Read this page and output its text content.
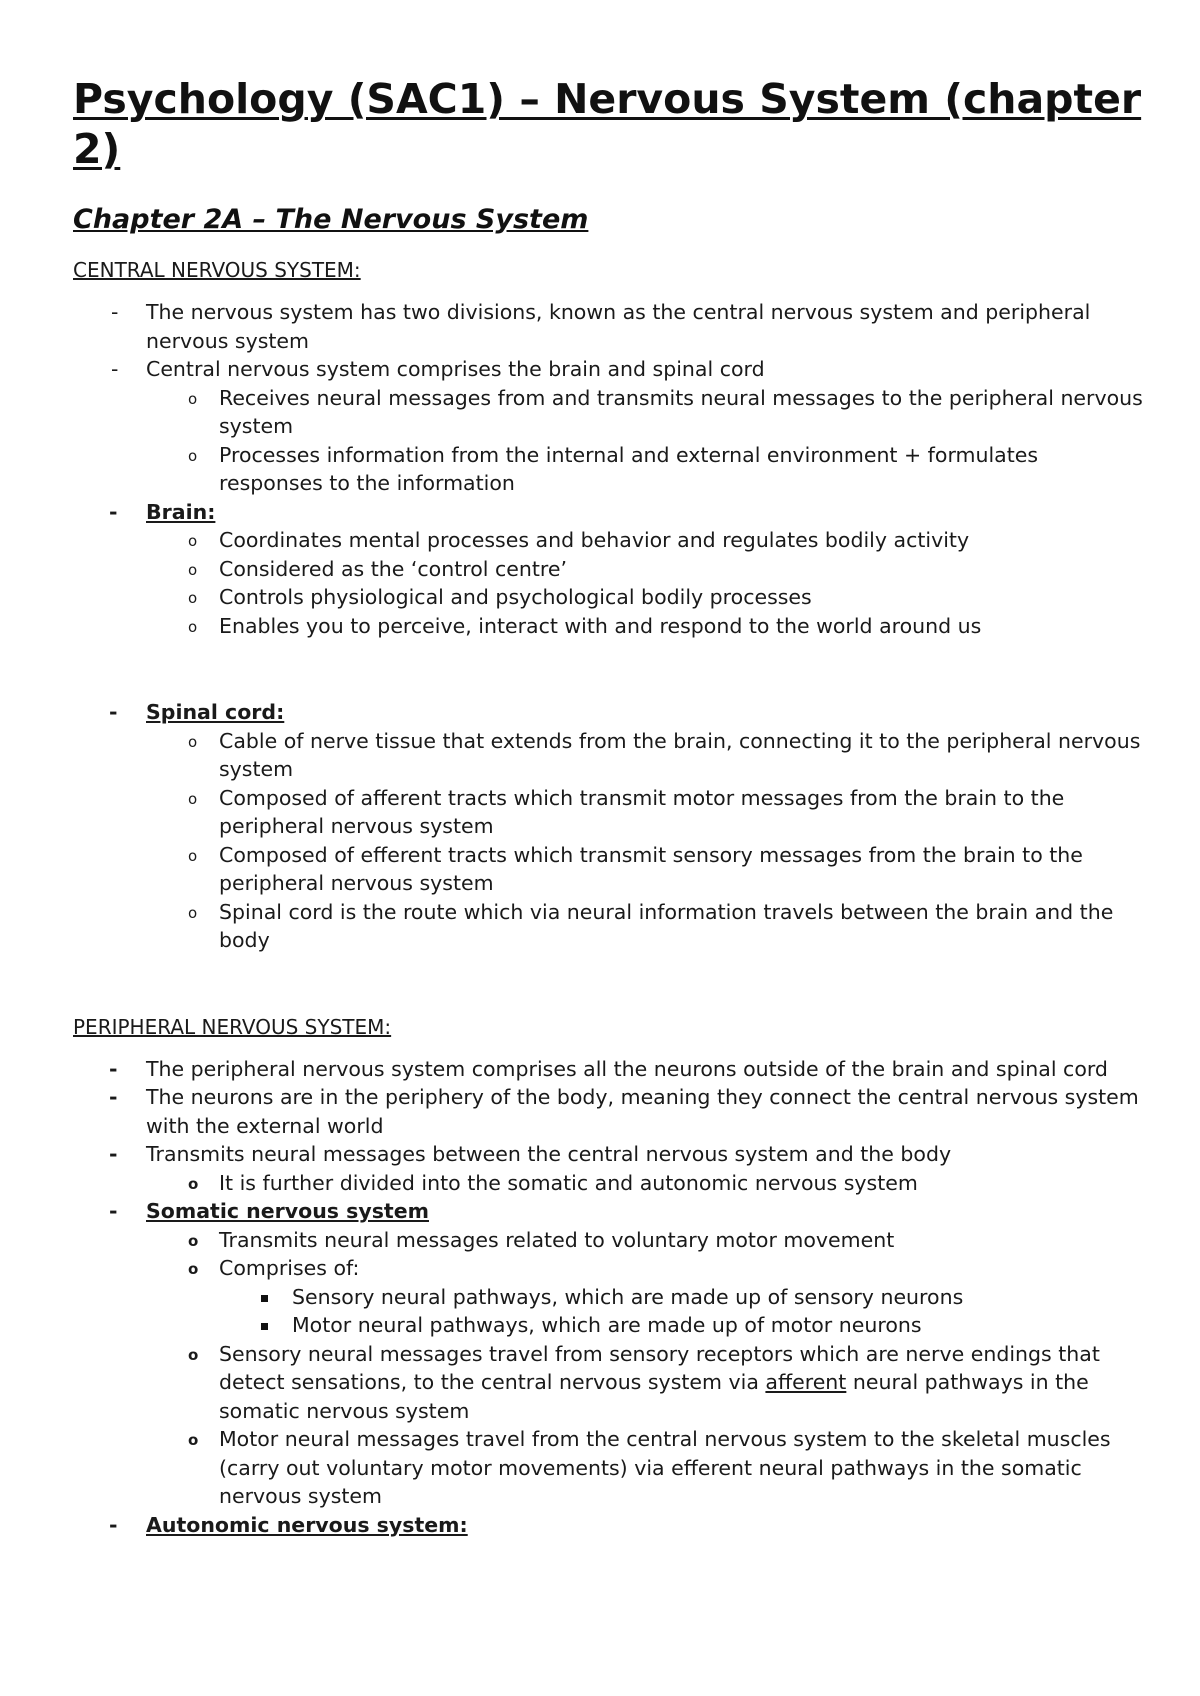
Psychology (SAC1) – Nervous System (chapter 2)
Chapter 2A – The Nervous System
CENTRAL NERVOUS SYSTEM:
- The nervous system has two divisions, known as the central nervous system and peripheral nervous system
- Central nervous system comprises the brain and spinal cord
o Receives neural messages from and transmits neural messages to the peripheral nervous system
o Processes information from the internal and external environment + formulates responses to the information
- Brain:
o Coordinates mental processes and behavior and regulates bodily activity
o Considered as the ‘control centre’
o Controls physiological and psychological bodily processes
o Enables you to perceive, interact with and respond to the world around us
- Spinal cord:
o Cable of nerve tissue that extends from the brain, connecting it to the peripheral nervous system
o Composed of afferent tracts which transmit motor messages from the brain to the peripheral nervous system
o Composed of efferent tracts which transmit sensory messages from the brain to the peripheral nervous system
o Spinal cord is the route which via neural information travels between the brain and the body
PERIPHERAL NERVOUS SYSTEM:
- The peripheral nervous system comprises all the neurons outside of the brain and spinal cord
- The neurons are in the periphery of the body, meaning they connect the central nervous system with the external world
- Transmits neural messages between the central nervous system and the body
o It is further divided into the somatic and autonomic nervous system
- Somatic nervous system
o Transmits neural messages related to voluntary motor movement
o Comprises of:
Sensory neural pathways, which are made up of sensory neurons
Motor neural pathways, which are made up of motor neurons
o Sensory neural messages travel from sensory receptors which are nerve endings that detect sensations, to the central nervous system via afferent neural pathways in the somatic nervous system
o Motor neural messages travel from the central nervous system to the skeletal muscles (carry out voluntary motor movements) via efferent neural pathways in the somatic nervous system
- Autonomic nervous system:
